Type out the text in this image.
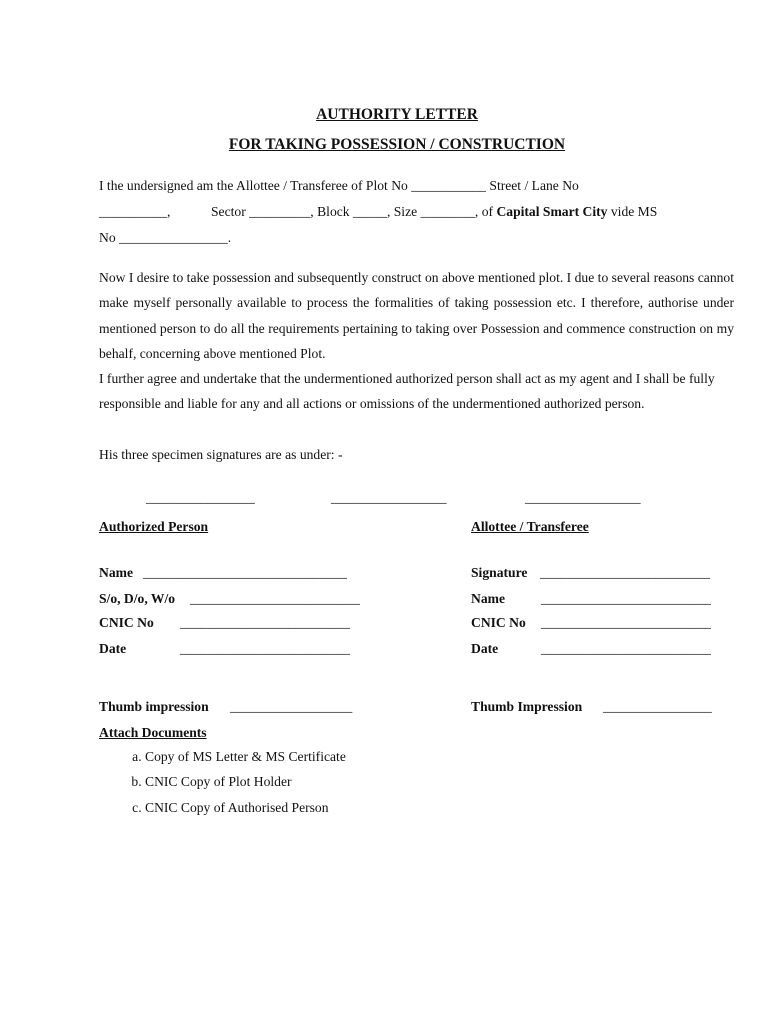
AUTHORITY LETTER
FOR TAKING POSSESSION / CONSTRUCTION
I the undersigned am the Allottee / Transferee of Plot No ___________ Street / Lane No
__________,	Sector _________, Block _____, Size ________, of Capital Smart City vide MS
No ________________.
Now I desire to take possession and subsequently construct on above mentioned plot. I due to several reasons cannot make myself personally available to process the formalities of taking possession etc. I therefore, authorise under mentioned person to do all the requirements pertaining to taking over Possession and commence construction on my behalf, concerning above mentioned Plot.
I further agree and undertake that the undermentioned authorized person shall act as my agent and I shall be fully responsible and liable for any and all actions or omissions of the undermentioned authorized person.
His three specimen signatures are as under: -
________________	_________________	_________________
Authorized Person	Allottee / Transferee
Name ______________________________
S/o, D/o, W/o _________________________
CNIC No _________________________
Date	_________________________
Thumb impression __________________
Signature _________________________
Name	_________________________
CNIC No _________________________
Date	_________________________
Thumb Impression ________________
Attach Documents
a. Copy of MS Letter & MS Certificate
b. CNIC Copy of Plot Holder
c. CNIC Copy of Authorised Person
